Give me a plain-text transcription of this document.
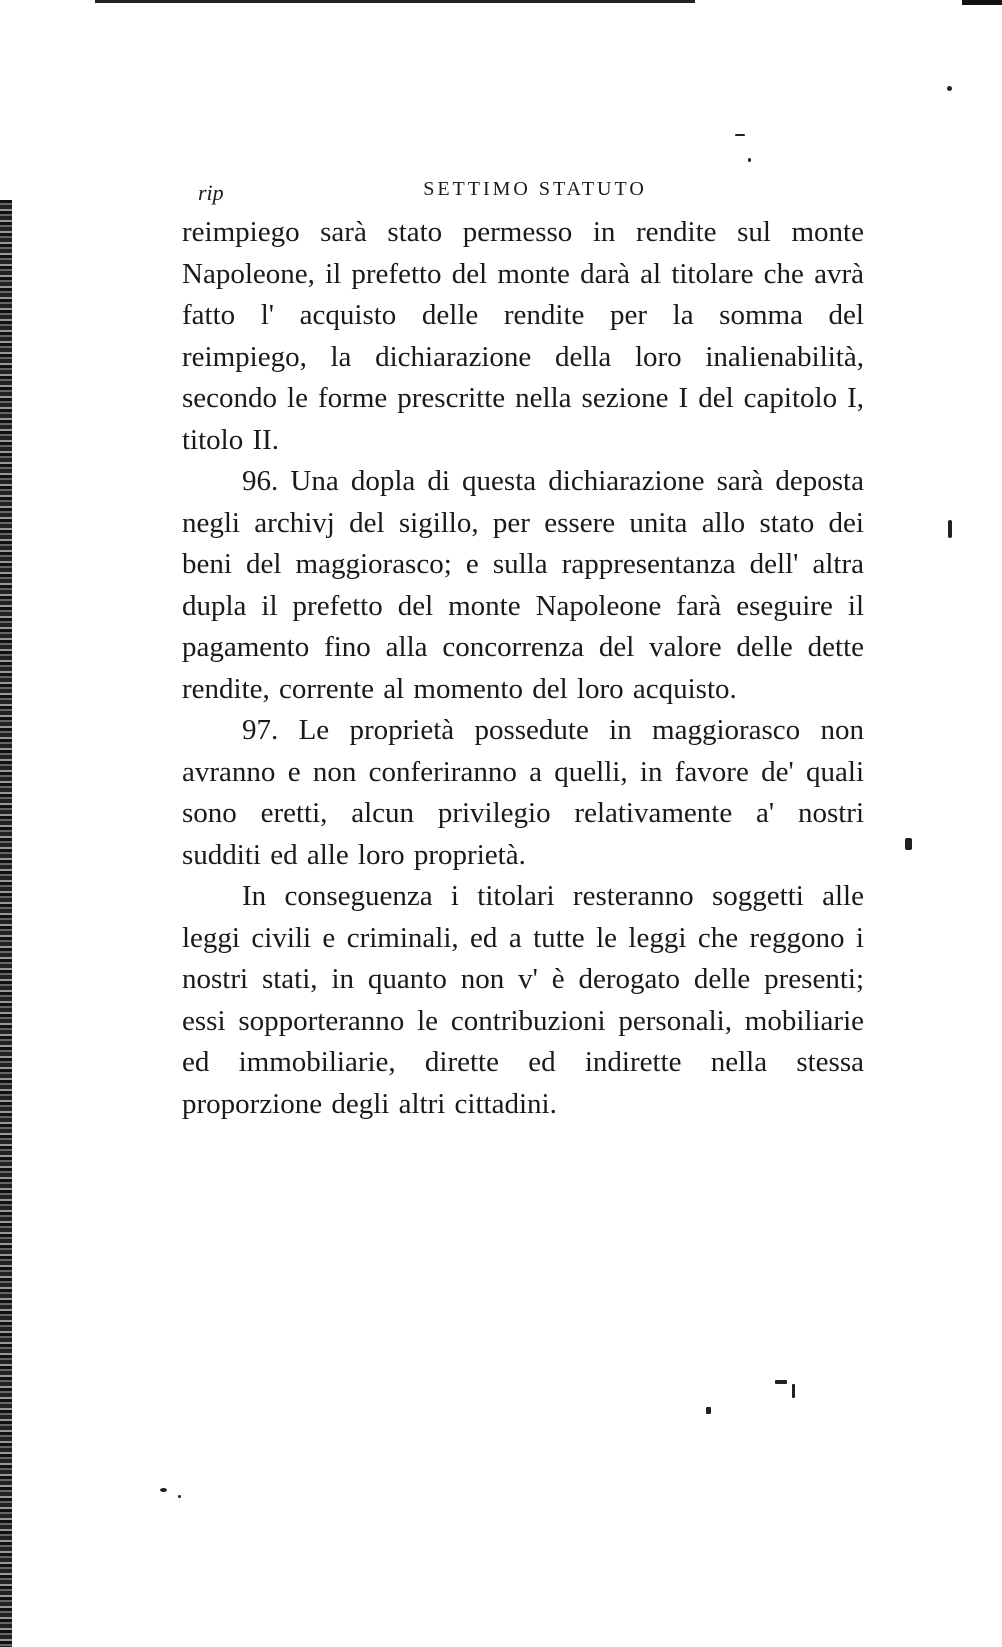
rip	SETTIMO STATUTO

reimpiego sarà stato permesso in rendite sul monte Napoleone, il prefetto del monte darà al titolare che avrà fatto l' acquisto delle rendite per la somma del reimpiego, la dichiarazione della loro inalienabilità, secondo le forme prescritte nella sezione I del capitolo I, titolo II.

96. Una dopla di questa dichiarazione sarà deposta negli archivj del sigillo, per essere unita allo stato dei beni del maggiorasco; e sulla rappresentanza dell' altra dupla il prefetto del monte Napoleone farà eseguire il pagamento fino alla concorrenza del valore delle dette rendite, corrente al momento del loro acquisto.

97. Le proprietà possedute in maggiorasco non avranno e non conferiranno a quelli, in favore de' quali sono eretti, alcun privilegio relativamente a' nostri sudditi ed alle loro proprietà.

In conseguenza i titolari resteranno soggetti alle leggi civili e criminali, ed a tutte le leggi che reggono i nostri stati, in quanto non v' è derogato delle presenti; essi sopporteranno le contribuzioni personali, mobiliarie ed immobiliarie, dirette ed indirette nella stessa proporzione degli altri cittadini.
